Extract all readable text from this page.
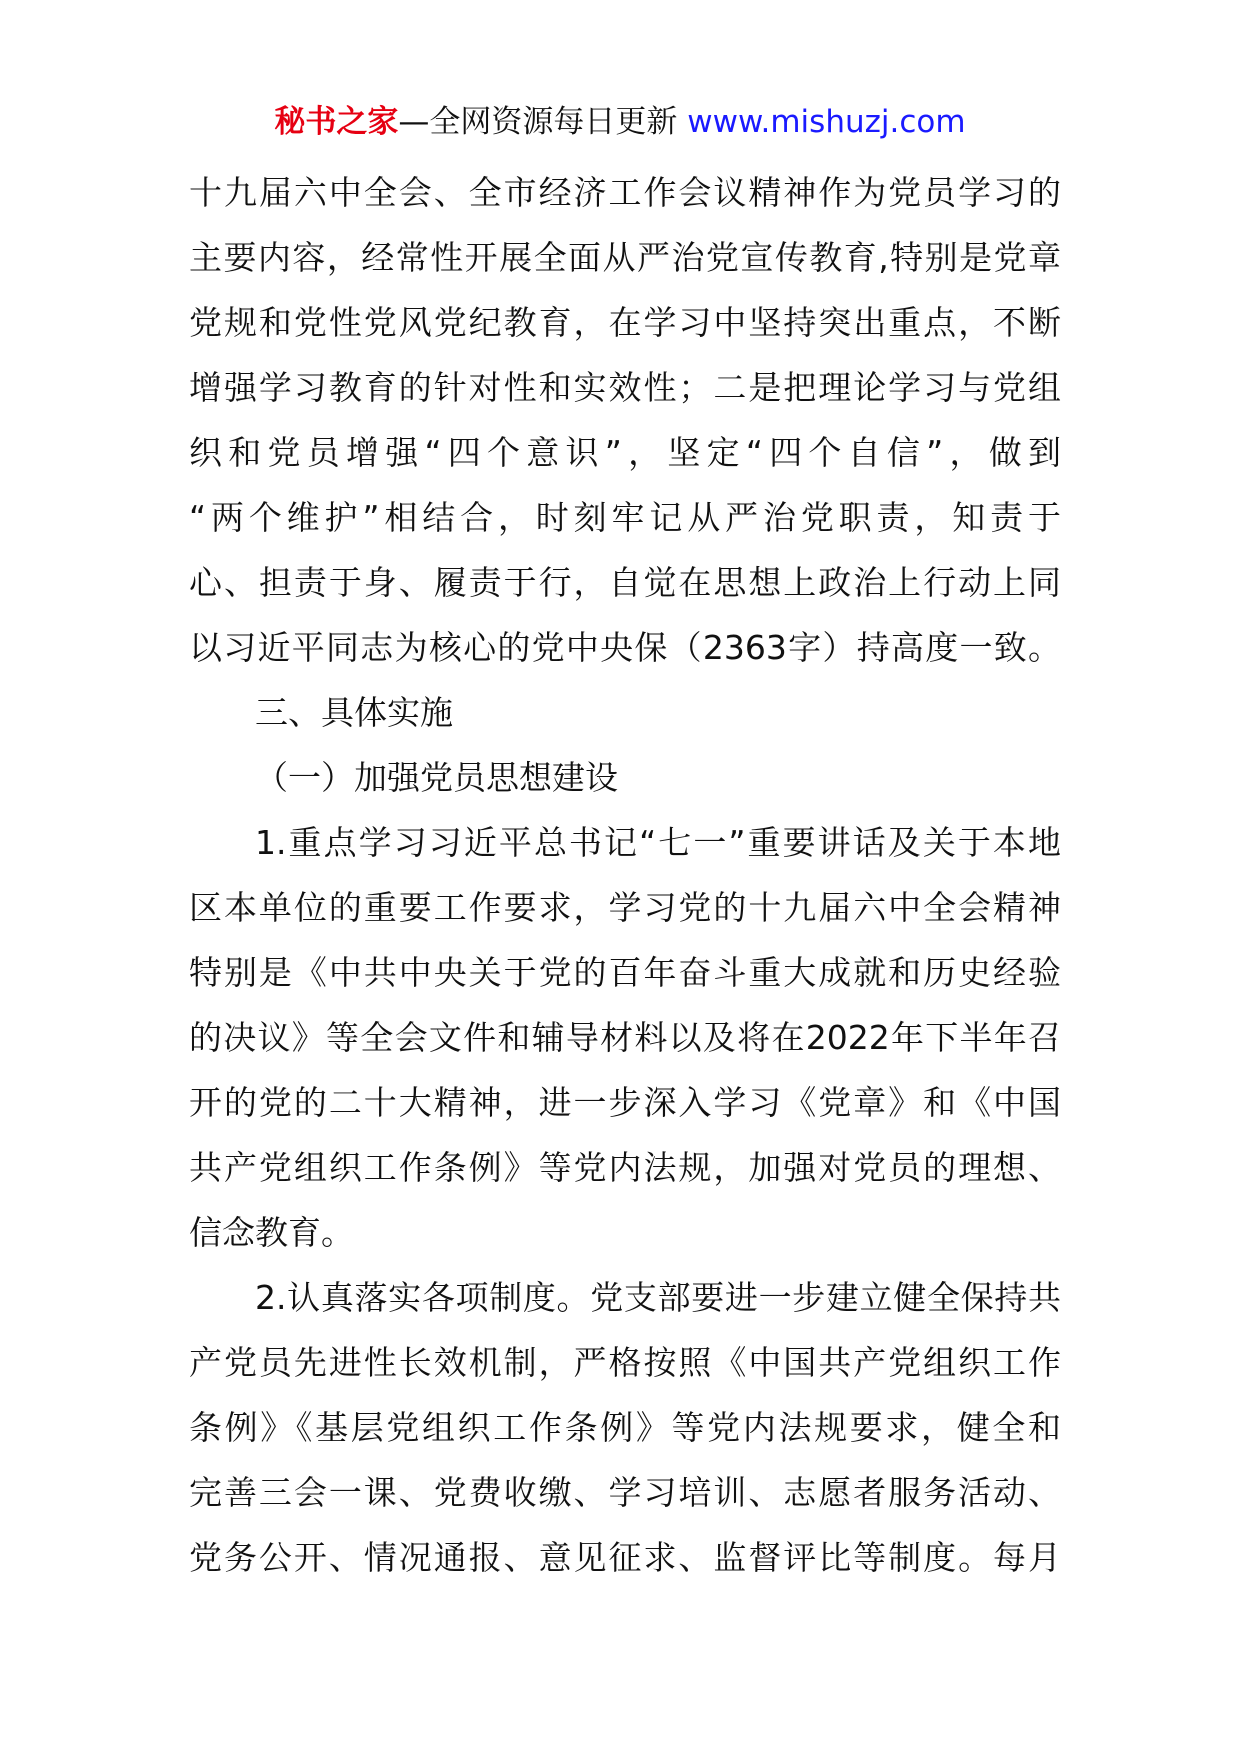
秘书之家—全网资源每日更新 www.mishuzj.com
十九届六中全会、全市经济工作会议精神作为党员学习的
主要内容，经常性开展全面从严治党宣传教育,特别是党章
党规和党性党风党纪教育，在学习中坚持突出重点，不断
增强学习教育的针对性和实效性；二是把理论学习与党组
织和党员增强“四个意识”，坚定“四个自信”，做到
“两个维护”相结合，时刻牢记从严治党职责，知责于
心、担责于身、履责于行，自觉在思想上政治上行动上同
以习近平同志为核心的党中央保（2363字）持高度一致。
三、具体实施
（一）加强党员思想建设
1.重点学习习近平总书记“七一”重要讲话及关于本地
区本单位的重要工作要求，学习党的十九届六中全会精神
特别是《中共中央关于党的百年奋斗重大成就和历史经验
的决议》等全会文件和辅导材料以及将在2022年下半年召
开的党的二十大精神，进一步深入学习《党章》和《中国
共产党组织工作条例》等党内法规，加强对党员的理想、
信念教育。
2.认真落实各项制度。党支部要进一步建立健全保持共
产党员先进性长效机制，严格按照《中国共产党组织工作
条例》《基层党组织工作条例》等党内法规要求，健全和
完善三会一课、党费收缴、学习培训、志愿者服务活动、
党务公开、情况通报、意见征求、监督评比等制度。每月
